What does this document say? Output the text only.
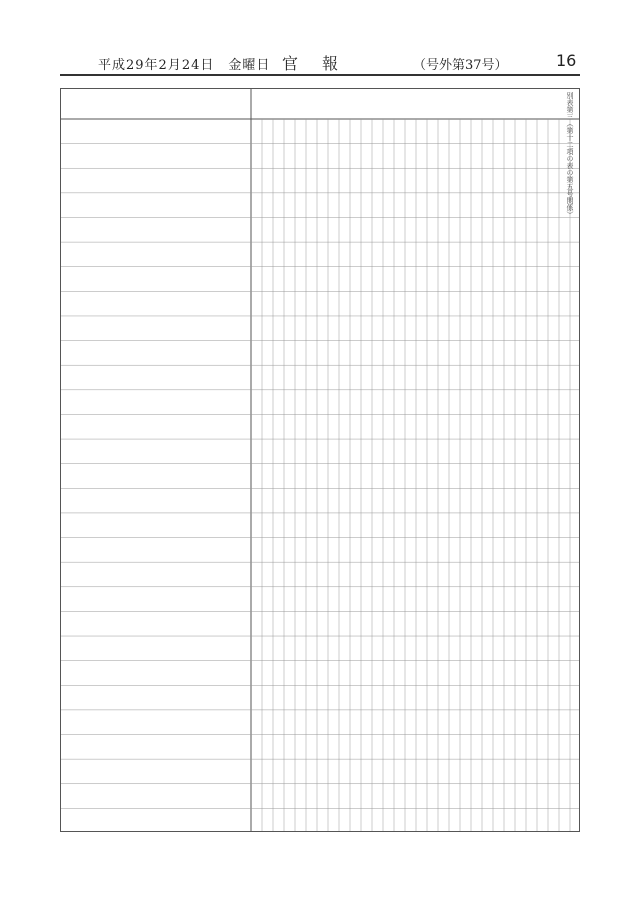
平成29年2月24日　金曜日 官　報	（号外第37号）	16
別表第三（第十二項の表の第五号関係）
